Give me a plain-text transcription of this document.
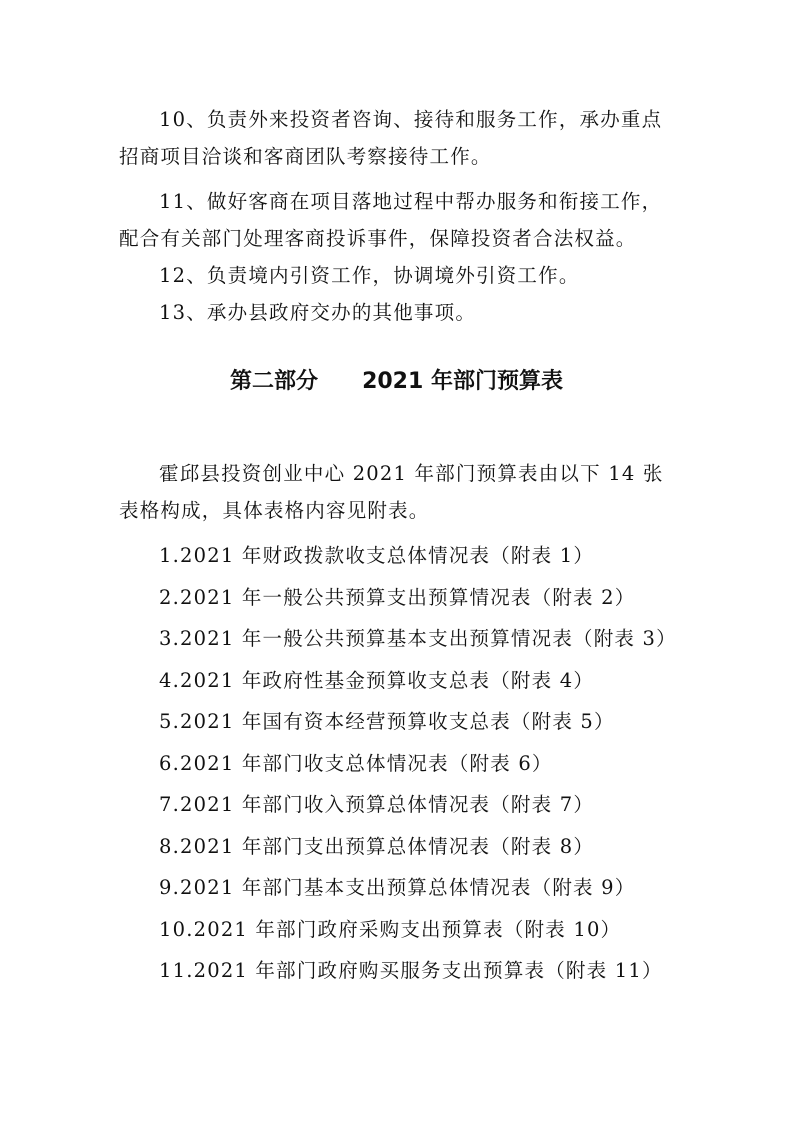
10、负责外来投资者咨询、接待和服务工作，承办重点招商项目洽谈和客商团队考察接待工作。

11、做好客商在项目落地过程中帮办服务和衔接工作，配合有关部门处理客商投诉事件，保障投资者合法权益。

12、负责境内引资工作，协调境外引资工作。

13、承办县政府交办的其他事项。

第二部分 2021 年部门预算表

霍邱县投资创业中心 2021 年部门预算表由以下 14 张表格构成，具体表格内容见附表。

1.2021 年财政拨款收支总体情况表（附表 1）

2.2021 年一般公共预算支出预算情况表（附表 2）

3.2021 年一般公共预算基本支出预算情况表（附表 3）

4.2021 年政府性基金预算收支总表（附表 4）

5.2021 年国有资本经营预算收支总表（附表 5）

6.2021 年部门收支总体情况表（附表 6）

7.2021 年部门收入预算总体情况表（附表 7）

8.2021 年部门支出预算总体情况表（附表 8）

9.2021 年部门基本支出预算总体情况表（附表 9）

10.2021 年部门政府采购支出预算表（附表 10）

11.2021 年部门政府购买服务支出预算表（附表 11）
